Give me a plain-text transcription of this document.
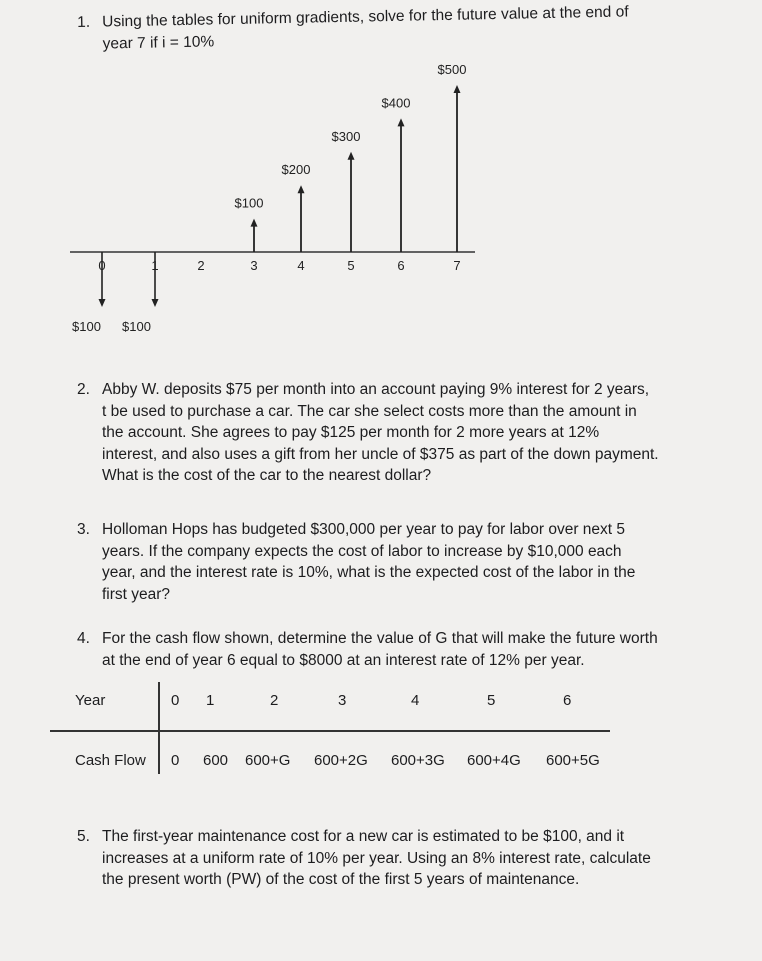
1. Using the tables for uniform gradients, solve for the future value at the end of
year 7 if i = 10%
0	1	2	3	4	5	6	7
$100
$200
$300
$400
$500
$100 $100
2. Abby W. deposits $75 per month into an account paying 9% interest for 2 years,
t be used to purchase a car. The car she select costs more than the amount in
the account. She agrees to pay $125 per month for 2 more years at 12%
interest, and also uses a gift from her uncle of $375 as part of the down payment.
What is the cost of the car to the nearest dollar?
3. Holloman Hops has budgeted $300,000 per year to pay for labor over next 5
years. If the company expects the cost of labor to increase by $10,000 each
year, and the interest rate is 10%, what is the expected cost of the labor in the
first year?
4. For the cash flow shown, determine the value of G that will make the future worth
at the end of year 6 equal to $8000 at an interest rate of 12% per year.
Year	0 1	2	3	4	5	6
Cash Flow 0 600 600+G 600+2G 600+3G 600+4G 600+5G
5. The first-year maintenance cost for a new car is estimated to be $100, and it
increases at a uniform rate of 10% per year. Using an 8% interest rate, calculate
the present worth (PW) of the cost of the first 5 years of maintenance.
